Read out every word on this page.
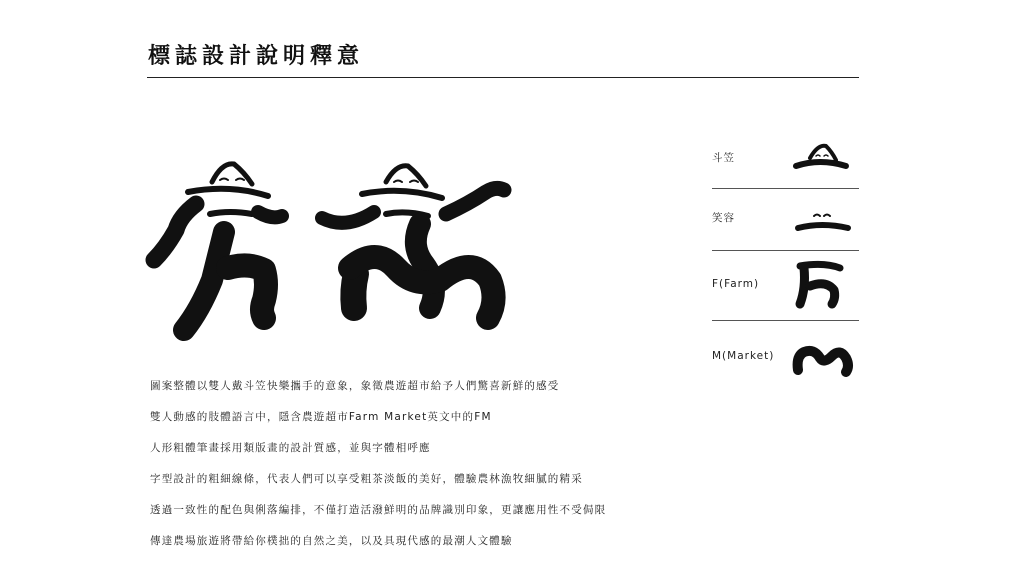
標誌設計說明釋意
斗笠
笑容
F(Farm)
M(Market)
圖案整體以雙人戴斗笠快樂攜手的意象，象徵農遊超市給予人們驚喜新鮮的感受
雙人動感的肢體語言中，隱含農遊超市Farm Market英文中的FM
人形粗體筆畫採用類版畫的設計質感，並與字體相呼應
字型設計的粗細線條，代表人們可以享受粗茶淡飯的美好，體驗農林漁牧細膩的精采
透過一致性的配色與俐落編排，不僅打造活潑鮮明的品牌識別印象，更讓應用性不受侷限
傳達農場旅遊將帶給你樸拙的自然之美，以及具現代感的最潮人文體驗
